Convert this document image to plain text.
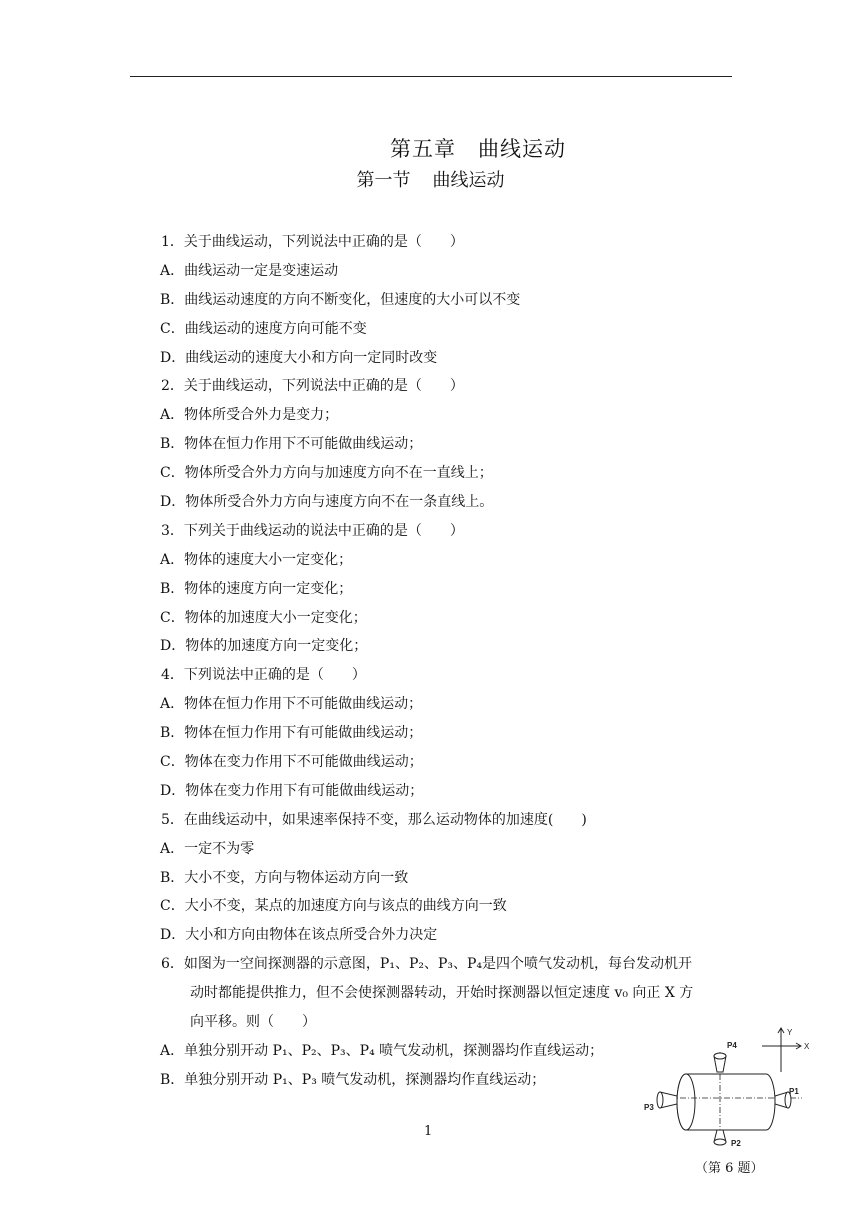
第五章 曲线运动
第一节 曲线运动
1．关于曲线运动，下列说法中正确的是（　　）
A．曲线运动一定是变速运动
B．曲线运动速度的方向不断变化，但速度的大小可以不变
C．曲线运动的速度方向可能不变
D．曲线运动的速度大小和方向一定同时改变
2．关于曲线运动，下列说法中正确的是（　　）
A．物体所受合外力是变力；
B．物体在恒力作用下不可能做曲线运动；
C．物体所受合外力方向与加速度方向不在一直线上；
D．物体所受合外力方向与速度方向不在一条直线上。
3．下列关于曲线运动的说法中正确的是（　　）
A．物体的速度大小一定变化；
B．物体的速度方向一定变化；
C．物体的加速度大小一定变化；
D．物体的加速度方向一定变化；
4．下列说法中正确的是（　　）
A．物体在恒力作用下不可能做曲线运动；
B．物体在恒力作用下有可能做曲线运动；
C．物体在变力作用下不可能做曲线运动；
D．物体在变力作用下有可能做曲线运动；
5．在曲线运动中，如果速率保持不变，那么运动物体的加速度(　　)
A．一定不为零
B．大小不变，方向与物体运动方向一致
C．大小不变，某点的加速度方向与该点的曲线方向一致
D．大小和方向由物体在该点所受合外力决定
6．如图为一空间探测器的示意图，P₁、P₂、P₃、P₄是四个喷气发动机，每台发动机开
动时都能提供推力，但不会使探测器转动，开始时探测器以恒定速度 v₀ 向正 X 方
向平移。则（　　）
A．单独分别开动 P₁、P₂、P₃、P₄ 喷气发动机，探测器均作直线运动；
B．单独分别开动 P₁、P₃ 喷气发动机，探测器均作直线运动；
1
Y
X
P4
P1
P3
P2
（第 6 题）
